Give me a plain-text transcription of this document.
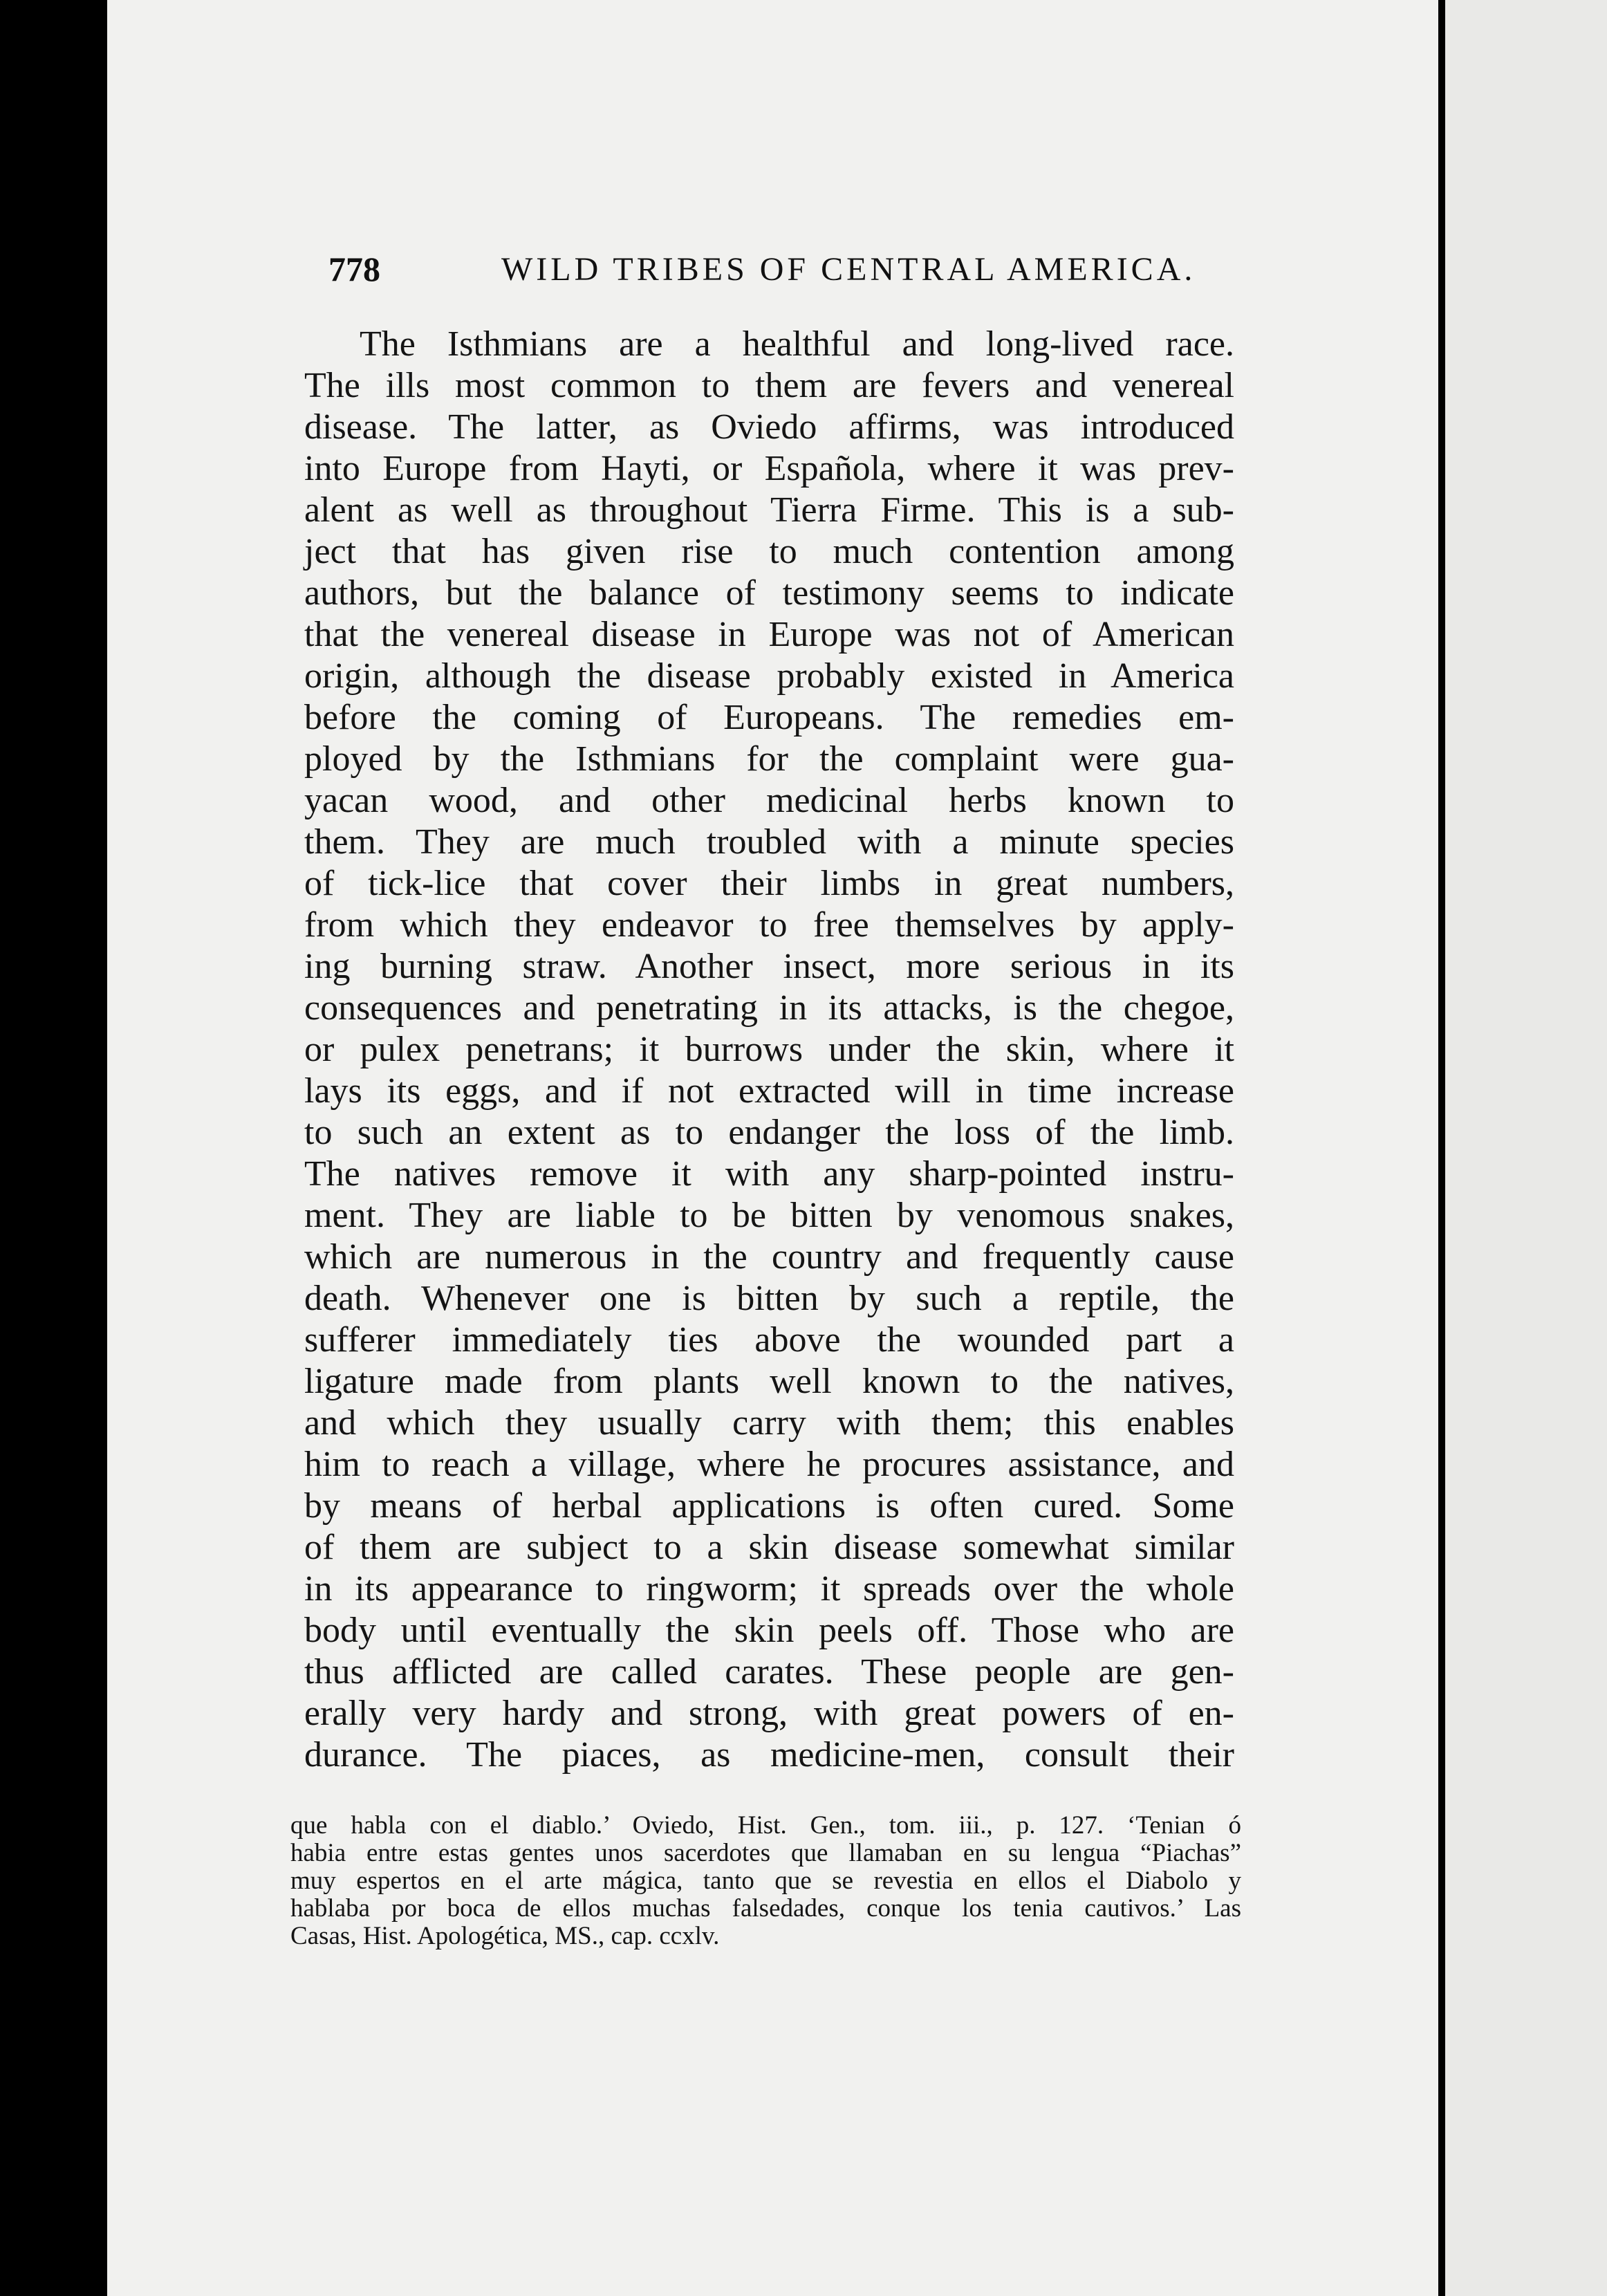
778	WILD TRIBES OF CENTRAL AMERICA.
The Isthmians are a healthful and long-lived race.
The ills most common to them are fevers and venereal
disease. The latter, as Oviedo affirms, was introduced
into Europe from Hayti, or Española, where it was prev-
alent as well as throughout Tierra Firme. This is a sub-
ject that has given rise to much contention among
authors, but the balance of testimony seems to indicate
that the venereal disease in Europe was not of American
origin, although the disease probably existed in America
before the coming of Europeans. The remedies em-
ployed by the Isthmians for the complaint were gua-
yacan wood, and other medicinal herbs known to
them. They are much troubled with a minute species
of tick-lice that cover their limbs in great numbers,
from which they endeavor to free themselves by apply-
ing burning straw. Another insect, more serious in its
consequences and penetrating in its attacks, is the chegoe,
or pulex penetrans; it burrows under the skin, where it
lays its eggs, and if not extracted will in time increase
to such an extent as to endanger the loss of the limb.
The natives remove it with any sharp-pointed instru-
ment. They are liable to be bitten by venomous snakes,
which are numerous in the country and frequently cause
death. Whenever one is bitten by such a reptile, the
sufferer immediately ties above the wounded part a
ligature made from plants well known to the natives,
and which they usually carry with them; this enables
him to reach a village, where he procures assistance, and
by means of herbal applications is often cured. Some
of them are subject to a skin disease somewhat similar
in its appearance to ringworm; it spreads over the whole
body until eventually the skin peels off. Those who are
thus afflicted are called carates. These people are gen-
erally very hardy and strong, with great powers of en-
durance. The piaces, as medicine-men, consult their
que habla con el diablo.’ Oviedo, Hist. Gen., tom. iii., p. 127. ‘Tenian ó
habia entre estas gentes unos sacerdotes que llamaban en su lengua “Piachas”
muy espertos en el arte mágica, tanto que se revestia en ellos el Diabolo y
hablaba por boca de ellos muchas falsedades, conque los tenia cautivos.’ Las
Casas, Hist. Apologética, MS., cap. ccxlv.
